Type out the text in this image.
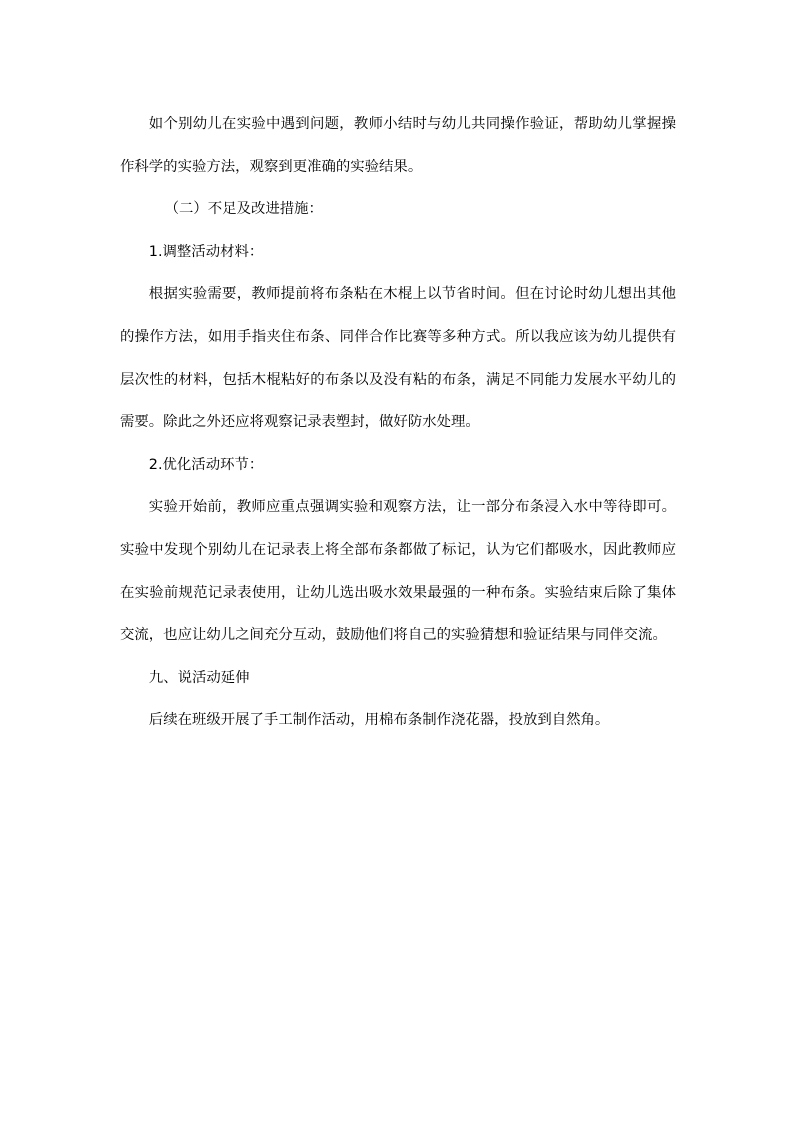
如个别幼儿在实验中遇到问题，教师小结时与幼儿共同操作验证，帮助幼儿掌握操作科学的实验方法，观察到更准确的实验结果。

（二）不足及改进措施：

1.调整活动材料：

根据实验需要，教师提前将布条粘在木棍上以节省时间。但在讨论时幼儿想出其他的操作方法，如用手指夹住布条、同伴合作比赛等多种方式。所以我应该为幼儿提供有层次性的材料，包括木棍粘好的布条以及没有粘的布条，满足不同能力发展水平幼儿的需要。除此之外还应将观察记录表塑封，做好防水处理。

2.优化活动环节：

实验开始前，教师应重点强调实验和观察方法，让一部分布条浸入水中等待即可。实验中发现个别幼儿在记录表上将全部布条都做了标记，认为它们都吸水，因此教师应在实验前规范记录表使用，让幼儿选出吸水效果最强的一种布条。实验结束后除了集体交流，也应让幼儿之间充分互动，鼓励他们将自己的实验猜想和验证结果与同伴交流。

九、说活动延伸

后续在班级开展了手工制作活动，用棉布条制作浇花器，投放到自然角。
